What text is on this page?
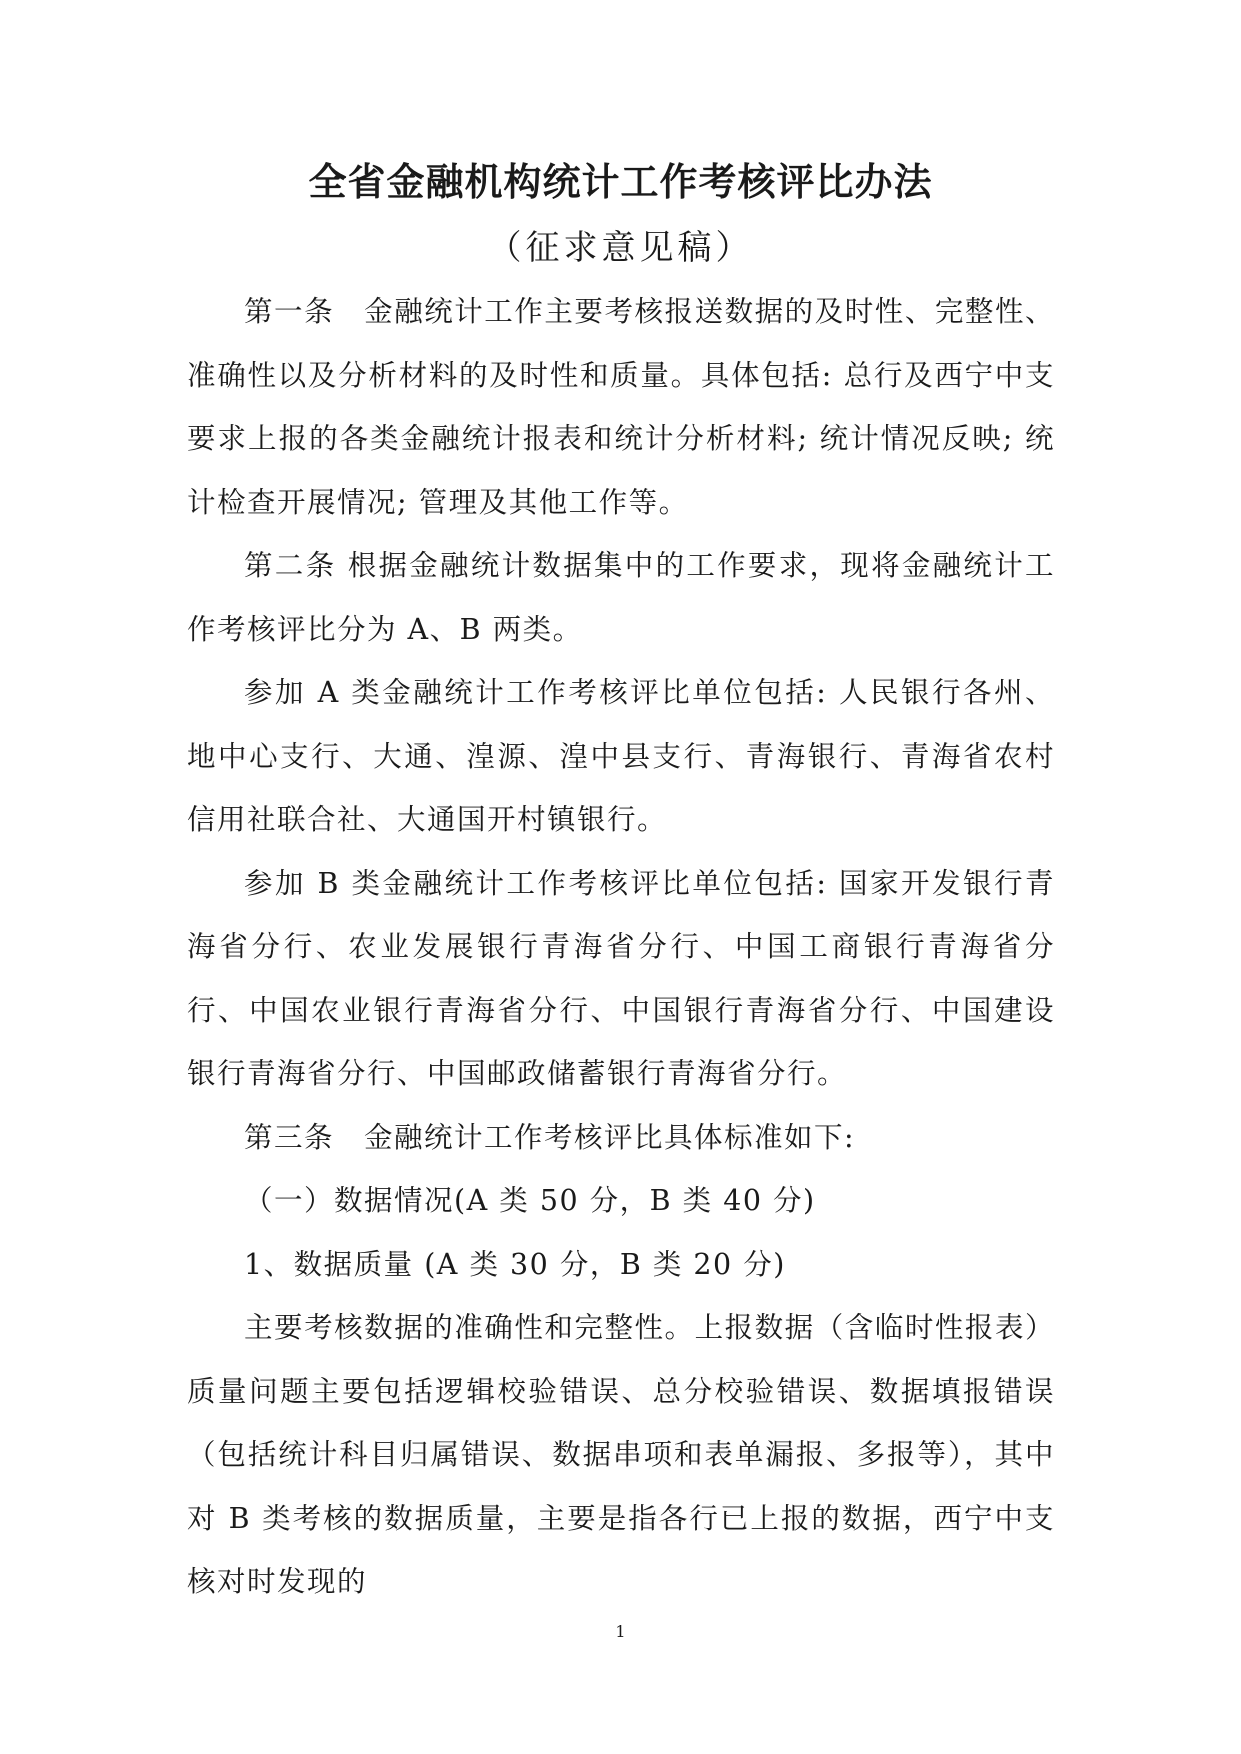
全省金融机构统计工作考核评比办法
（征求意见稿）

第一条　金融统计工作主要考核报送数据的及时性、完整性、准确性以及分析材料的及时性和质量。具体包括: 总行及西宁中支要求上报的各类金融统计报表和统计分析材料; 统计情况反映; 统计检查开展情况; 管理及其他工作等。

第二条 根据金融统计数据集中的工作要求，现将金融统计工作考核评比分为 A、B 两类。

参加 A 类金融统计工作考核评比单位包括: 人民银行各州、地中心支行、大通、湟源、湟中县支行、青海银行、青海省农村信用社联合社、大通国开村镇银行。

参加 B 类金融统计工作考核评比单位包括: 国家开发银行青海省分行、农业发展银行青海省分行、中国工商银行青海省分行、中国农业银行青海省分行、中国银行青海省分行、中国建设银行青海省分行、中国邮政储蓄银行青海省分行。

第三条　金融统计工作考核评比具体标准如下:

（一）数据情况(A 类 50 分，B 类 40 分)

1、数据质量 (A 类 30 分，B 类 20 分)

主要考核数据的准确性和完整性。上报数据（含临时性报表）质量问题主要包括逻辑校验错误、总分校验错误、数据填报错误（包括统计科目归属错误、数据串项和表单漏报、多报等），其中对 B 类考核的数据质量，主要是指各行已上报的数据，西宁中支核对时发现的

1
